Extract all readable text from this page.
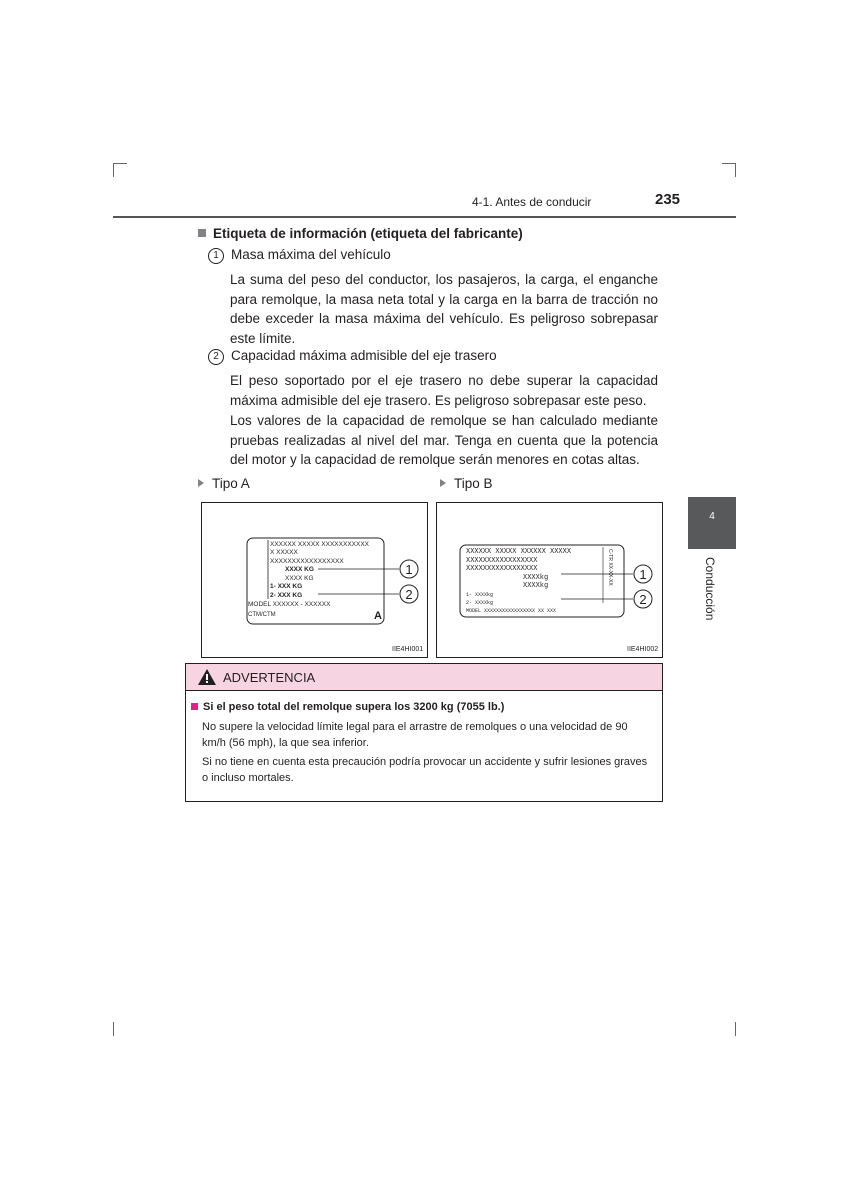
4-1. Antes de conducir	235
4
Conducción
Etiqueta de información (etiqueta del fabricante)
1 Masa máxima del vehículo
La suma del peso del conductor, los pasajeros, la carga, el enganche para remolque, la masa neta total y la carga en la barra de tracción no debe exceder la masa máxima del vehículo. Es peligroso sobrepasar este límite.
2 Capacidad máxima admisible del eje trasero
El peso soportado por el eje trasero no debe superar la capacidad máxima admisible del eje trasero. Es peligroso sobrepasar este peso.
Los valores de la capacidad de remolque se han calculado mediante pruebas realizadas al nivel del mar. Tenga en cuenta que la potencia del motor y la capacidad de remolque serán menores en cotas altas.
Tipo A	Tipo B
XXXXXX XXXXX XXXXXXXXXXX
X XXXXX
XXXXXXXXXXXXXXXXX
XXXX KG
XXXX KG
1- XXX KG
2- XXX KG
MODEL XXXXXX - XXXXXX
A
CTM/CTM
1
2
IIE4HI001
XXXXXX XXXXX XXXXXX XXXXX
XXXXXXXXXXXXXXXXX
XXXXXXXXXXXXXXXXX
XXXXkg
XXXXkg
1- XXXXkg
2- XXXXkg
MODEL XXXXXXXXXXXXXXXXX XX XXX
C-TR XX-XX-XX 1
2
IIE4HI002
ADVERTENCIA
Si el peso total del remolque supera los 3200 kg (7055 lb.)
No supere la velocidad límite legal para el arrastre de remolques o una velocidad de 90 km/h (56 mph), la que sea inferior.
Si no tiene en cuenta esta precaución podría provocar un accidente y sufrir lesiones graves o incluso mortales.
